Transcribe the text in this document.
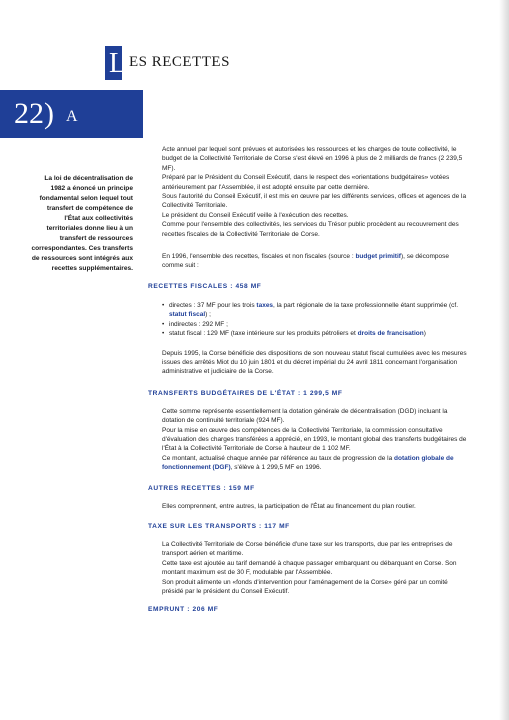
L ES RECETTES
22) A
La loi de décentralisation de 1982 a énoncé un principe fondamental selon lequel tout transfert de compétence de l'État aux collectivités territoriales donne lieu à un transfert de ressources correspondantes. Ces transferts de ressources sont intégrés aux recettes supplémentaires.

Acte annuel par lequel sont prévues et autorisées les ressources et les charges de toute collectivité, le budget de la Collectivité Territoriale de Corse s'est élevé en 1996 à plus de 2 milliards de francs (2 239,5 MF).

Préparé par le Président du Conseil Exécutif, dans le respect des «orientations budgétaires» votées antérieurement par l'Assemblée, il est adopté ensuite par cette dernière.

Sous l'autorité du Conseil Exécutif, il est mis en œuvre par les différents services, offices et agences de la Collectivité Territoriale.

Le président du Conseil Exécutif veille à l'exécution des recettes.

Comme pour l'ensemble des collectivités, les services du Trésor public procèdent au recouvrement des recettes fiscales de la Collectivité Territoriale de Corse.

En 1996, l'ensemble des recettes, fiscales et non fiscales (source : budget primitif), se décompose comme suit :

RECETTES FISCALES : 458 MF

• directes : 37 MF pour les trois taxes, la part régionale de la taxe professionnelle étant supprimée (cf. statut fiscal) ;
• indirectes : 292 MF ;
• statut fiscal : 129 MF (taxe intérieure sur les produits pétroliers et droits de francisation)

Depuis 1995, la Corse bénéficie des dispositions de son nouveau statut fiscal cumulées avec les mesures issues des arrêtés Miot du 10 juin 1801 et du décret impérial du 24 avril 1811 concernant l'organisation administrative et judiciaire de la Corse.

TRANSFERTS BUDGÉTAIRES DE L'ÉTAT : 1 299,5 MF

Cette somme représente essentiellement la dotation générale de décentralisation (DGD) incluant la dotation de continuité territoriale (924 MF).

Pour la mise en œuvre des compétences de la Collectivité Territoriale, la commission consultative d'évaluation des charges transférées a apprécié, en 1993, le montant global des transferts budgétaires de l'État à la Collectivité Territoriale de Corse à hauteur de 1 102 MF.

Ce montant, actualisé chaque année par référence au taux de progression de la dotation globale de fonctionnement (DGF), s'élève à 1 299,5 MF en 1996.

AUTRES RECETTES : 159 MF

Elles comprennent, entre autres, la participation de l'État au financement du plan routier.

TAXE SUR LES TRANSPORTS : 117 MF

La Collectivité Territoriale de Corse bénéficie d'une taxe sur les transports, due par les entreprises de transport aérien et maritime.

Cette taxe est ajoutée au tarif demandé à chaque passager embarquant ou débarquant en Corse. Son montant maximum est de 30 F, modulable par l'Assemblée.

Son produit alimente un «fonds d'intervention pour l'aménagement de la Corse» géré par un comité présidé par le président du Conseil Exécutif.

EMPRUNT : 206 MF
